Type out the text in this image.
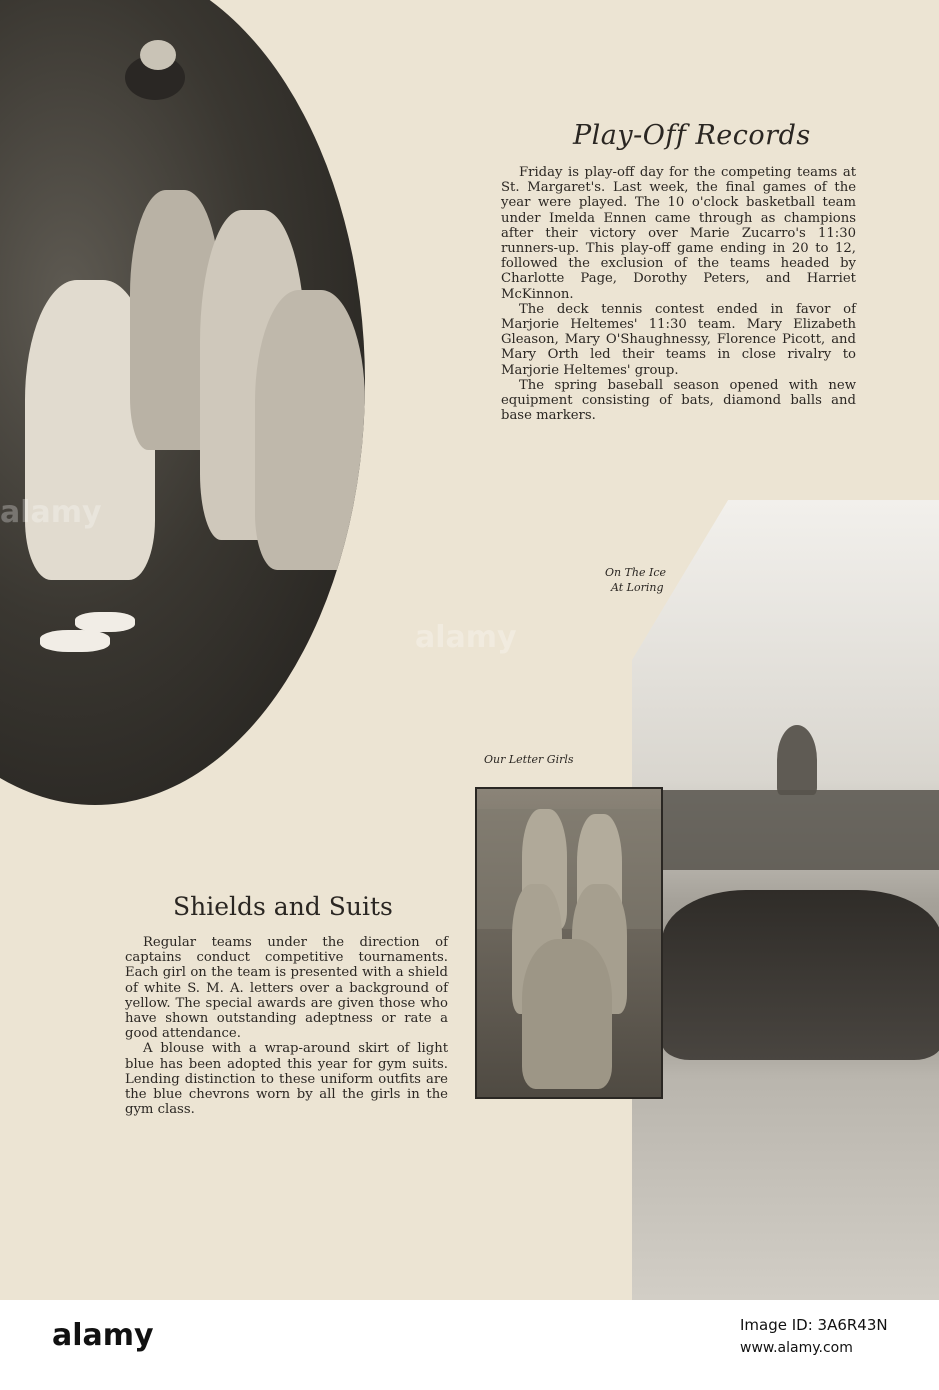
Play-Off Records

Friday is play-off day for the competing teams at St. Margaret's. Last week, the final games of the year were played. The 10 o'clock basketball team under Imelda Ennen came through as champions after their victory over Marie Zucarro's 11:30 runners-up. This play-off game ending in 20 to 12, followed the exclusion of the teams headed by Charlotte Page, Dorothy Peters, and Harriet McKinnon.

The deck tennis contest ended in favor of Marjorie Heltemes' 11:30 team. Mary Elizabeth Gleason, Mary O'Shaughnessy, Florence Picott, and Mary Orth led their teams in close rivalry to Marjorie Heltemes' group.

The spring baseball season opened with new equipment consisting of bats, diamond balls and base markers.

On The Ice
At Loring

Our Letter Girls

Shields and Suits

Regular teams under the direction of captains conduct competitive tournaments. Each girl on the team is presented with a shield of white S. M. A. letters over a background of yellow. The special awards are given those who have shown outstanding adeptness or rate a good attendance.

A blouse with a wrap-around skirt of light blue has been adopted this year for gym suits. Lending distinction to these uniform outfits are the blue chevrons worn by all the girls in the gym class.

alamy

alamy

alamy	Image ID: 3A6R43N

www.alamy.com
